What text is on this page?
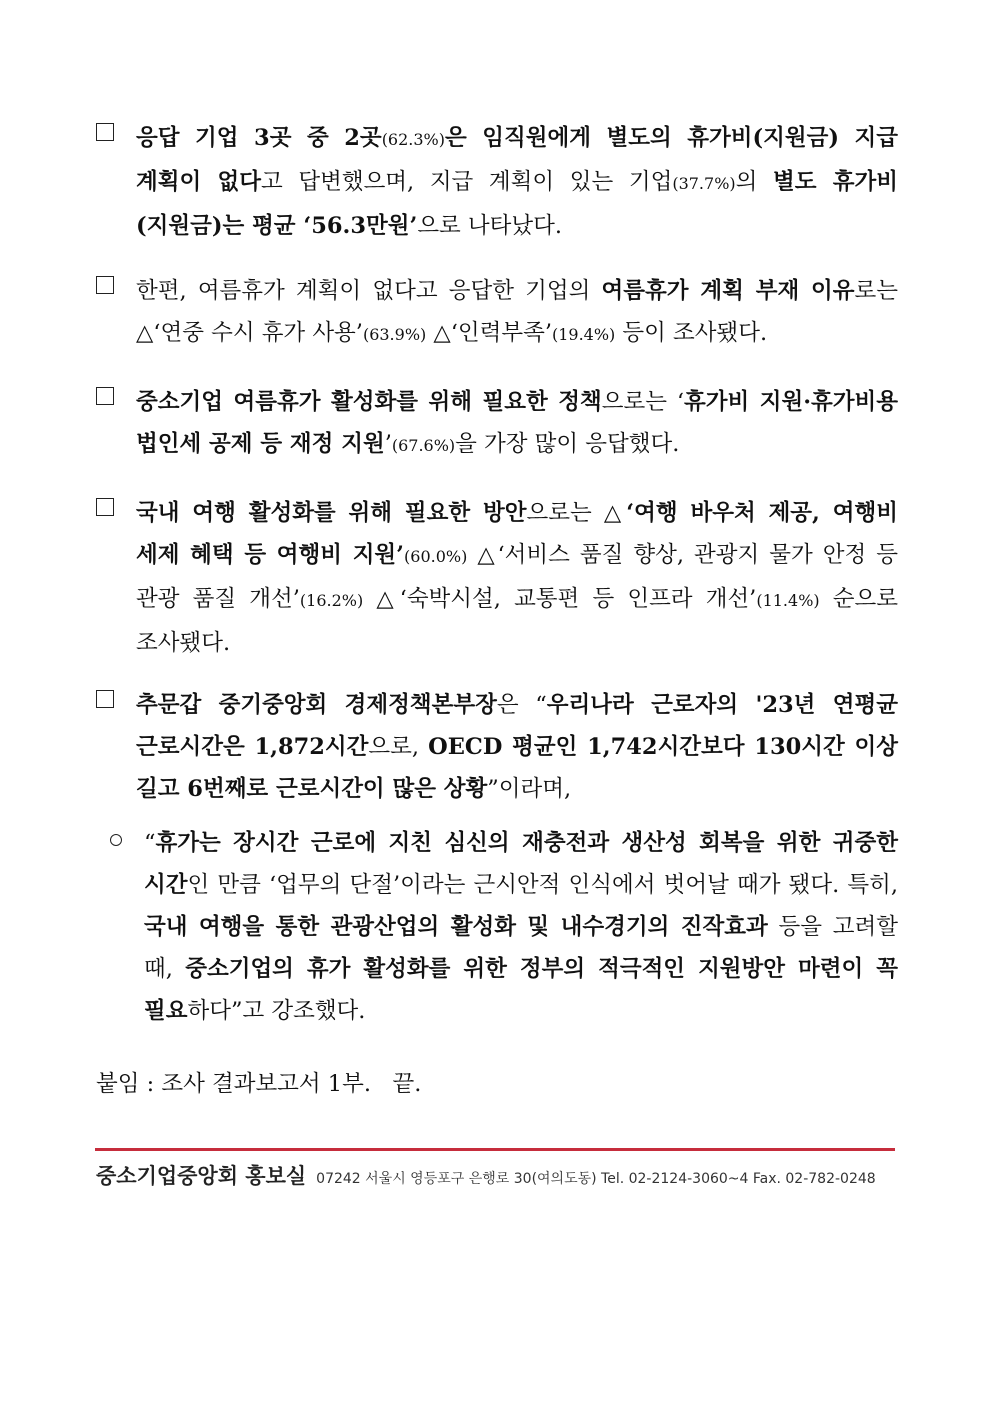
응답 기업 3곳 중 2곳(62.3%)은 임직원에게 별도의 휴가비(지원금) 지급 계획이 없다고 답변했으며, 지급 계획이 있는 기업(37.7%)의 별도 휴가비(지원금)는 평균 ‘56.3만원’으로 나타났다.
한편, 여름휴가 계획이 없다고 응답한 기업의 여름휴가 계획 부재 이유로는 △‘연중 수시 휴가 사용’(63.9%) △‘인력부족’(19.4%) 등이 조사됐다.
중소기업 여름휴가 활성화를 위해 필요한 정책으로는 ‘휴가비 지원·휴가비용 법인세 공제 등 재정 지원’(67.6%)을 가장 많이 응답했다.
국내 여행 활성화를 위해 필요한 방안으로는 △‘여행 바우처 제공, 여행비 세제 혜택 등 여행비 지원’(60.0%) △‘서비스 품질 향상, 관광지 물가 안정 등 관광 품질 개선’(16.2%) △‘숙박시설, 교통편 등 인프라 개선’(11.4%) 순으로 조사됐다.
추문갑 중기중앙회 경제정책본부장은 “우리나라 근로자의 '23년 연평균 근로시간은 1,872시간으로, OECD 평균인 1,742시간보다 130시간 이상 길고 6번째로 근로시간이 많은 상황”이라며,
“휴가는 장시간 근로에 지친 심신의 재충전과 생산성 회복을 위한 귀중한 시간인 만큼 ‘업무의 단절’이라는 근시안적 인식에서 벗어날 때가 됐다. 특히, 국내 여행을 통한 관광산업의 활성화 및 내수경기의 진작효과 등을 고려할 때, 중소기업의 휴가 활성화를 위한 정부의 적극적인 지원방안 마련이 꼭 필요하다”고 강조했다.
붙임 : 조사 결과보고서 1부.   끝.
중소기업중앙회 홍보실 07242 서울시 영등포구 은행로 30(여의도동) Tel. 02-2124-3060~4 Fax. 02-782-0248
